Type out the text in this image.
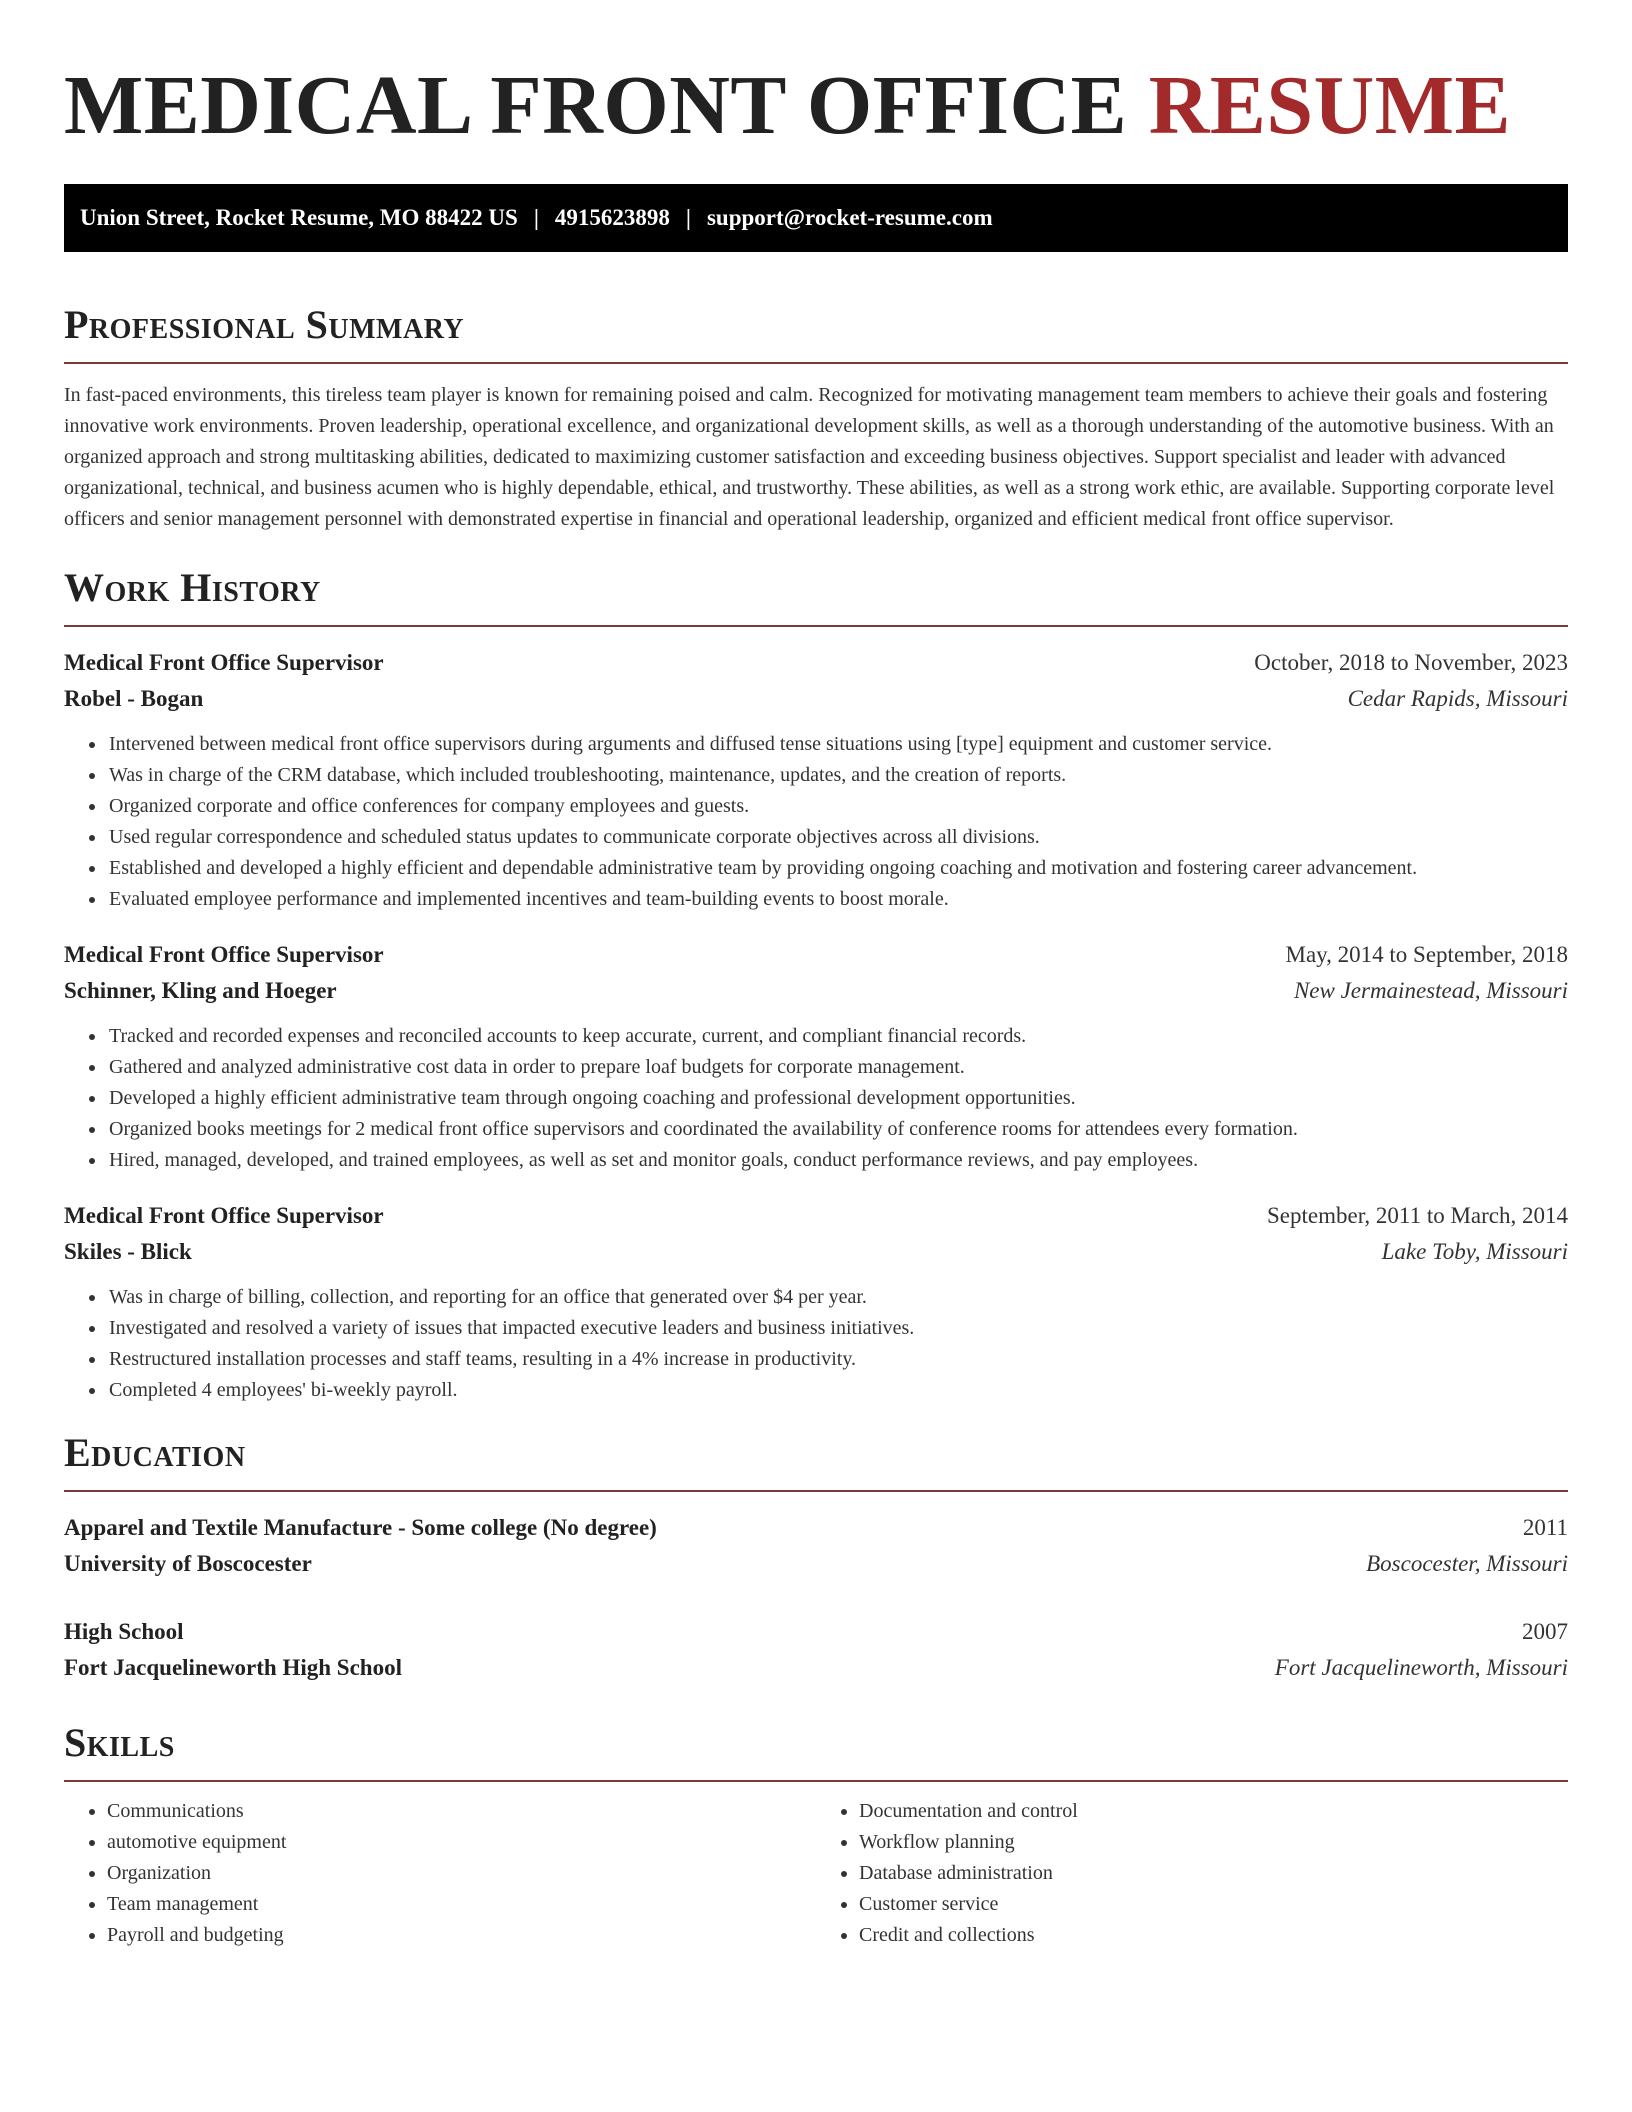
MEDICAL FRONT OFFICE RESUME
Union Street, Rocket Resume, MO 88422 US | 4915623898 | support@rocket-resume.com
Professional Summary

In fast-paced environments, this tireless team player is known for remaining poised and calm. Recognized for motivating management team members to achieve their goals and fostering innovative work environments. Proven leadership, operational excellence, and organizational development skills, as well as a thorough understanding of the automotive business. With an organized approach and strong multitasking abilities, dedicated to maximizing customer satisfaction and exceeding business objectives. Support specialist and leader with advanced organizational, technical, and business acumen who is highly dependable, ethical, and trustworthy. These abilities, as well as a strong work ethic, are available. Supporting corporate level officers and senior management personnel with demonstrated expertise in financial and operational leadership, organized and efficient medical front office supervisor.

Work History
Medical Front Office Supervisor	October, 2018 to November, 2023
Robel - Bogan	Cedar Rapids, Missouri
• Intervened between medical front office supervisors during arguments and diffused tense situations using [type] equipment and customer service.
• Was in charge of the CRM database, which included troubleshooting, maintenance, updates, and the creation of reports.
• Organized corporate and office conferences for company employees and guests.
• Used regular correspondence and scheduled status updates to communicate corporate objectives across all divisions.
• Established and developed a highly efficient and dependable administrative team by providing ongoing coaching and motivation and fostering career advancement.
• Evaluated employee performance and implemented incentives and team-building events to boost morale.
Medical Front Office Supervisor	May, 2014 to September, 2018
Schinner, Kling and Hoeger	New Jermainestead, Missouri
• Tracked and recorded expenses and reconciled accounts to keep accurate, current, and compliant financial records.
• Gathered and analyzed administrative cost data in order to prepare loaf budgets for corporate management.
• Developed a highly efficient administrative team through ongoing coaching and professional development opportunities.
• Organized books meetings for 2 medical front office supervisors and coordinated the availability of conference rooms for attendees every formation.
• Hired, managed, developed, and trained employees, as well as set and monitor goals, conduct performance reviews, and pay employees.
Medical Front Office Supervisor	September, 2011 to March, 2014
Skiles - Blick	Lake Toby, Missouri
• Was in charge of billing, collection, and reporting for an office that generated over $4 per year.
• Investigated and resolved a variety of issues that impacted executive leaders and business initiatives.
• Restructured installation processes and staff teams, resulting in a 4% increase in productivity.
• Completed 4 employees' bi-weekly payroll.
Education
Apparel and Textile Manufacture - Some college (No degree)	2011
University of Boscocester	Boscocester, Missouri
High School	2007
Fort Jacquelineworth High School	Fort Jacquelineworth, Missouri
Skills
• Communications
• automotive equipment
• Organization
• Team management
• Payroll and budgeting
• Documentation and control
• Workflow planning
• Database administration
• Customer service
• Credit and collections
